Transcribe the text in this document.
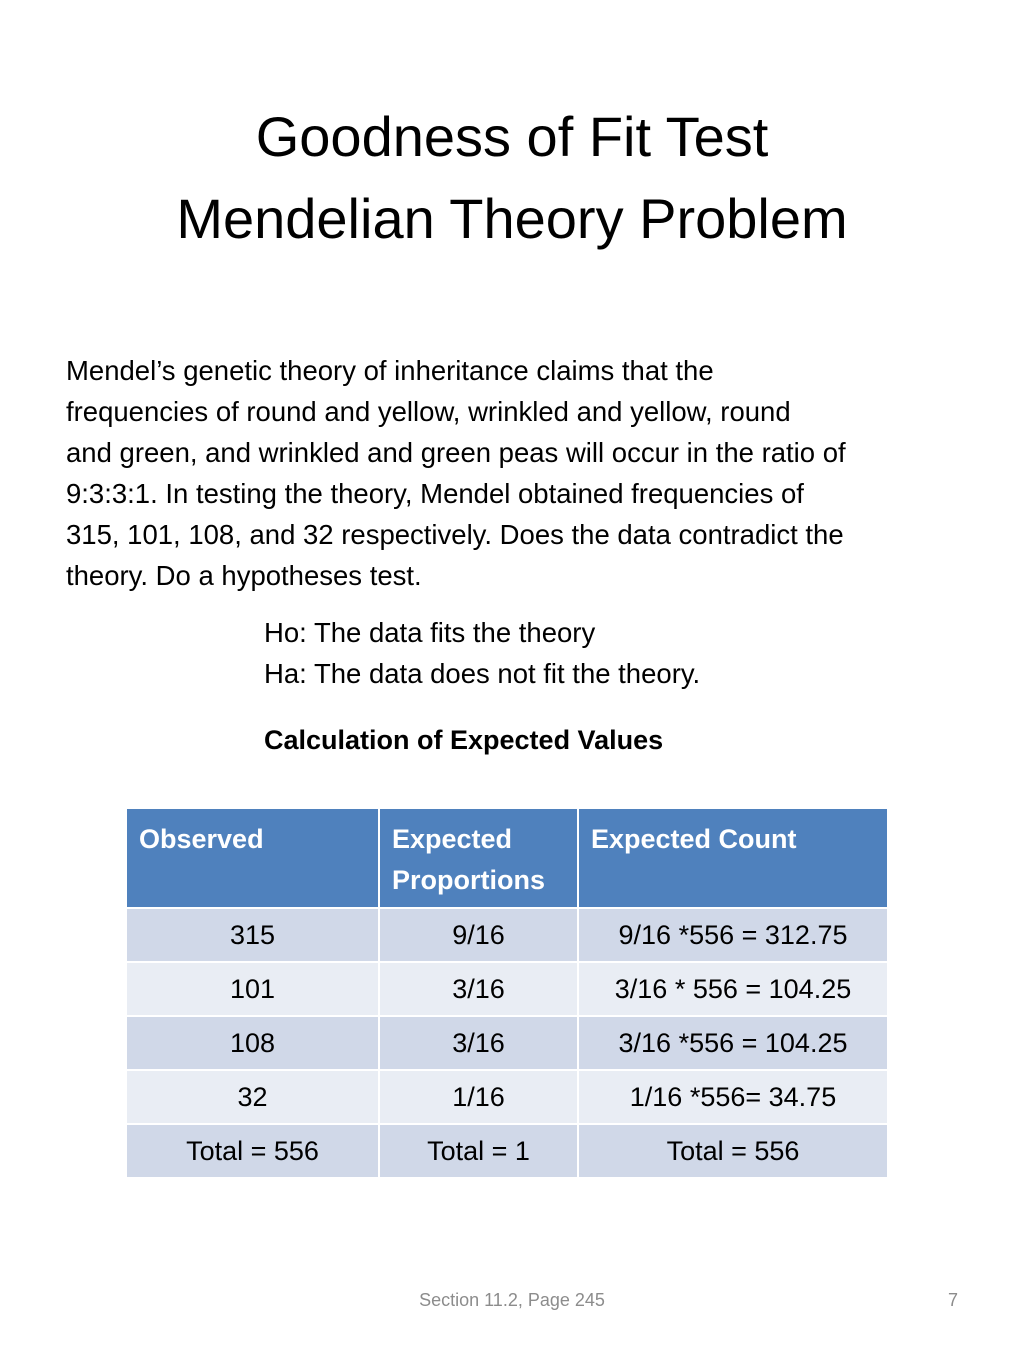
Goodness of Fit Test
Mendelian Theory Problem
Mendel’s genetic theory of inheritance claims that the
frequencies of round and yellow, wrinkled and yellow, round
and green, and wrinkled and green peas will occur in the ratio of
9:3:3:1. In testing the theory, Mendel obtained frequencies of
315, 101, 108, and 32 respectively. Does the data contradict the
theory. Do a hypotheses test.
Ho: The data fits the theory
Ha: The data does not fit the theory.
Calculation of Expected Values
Observed	Expected Proportions	Expected Count
315	9/16	9/16 *556 = 312.75
101	3/16	3/16 * 556 = 104.25
108	3/16	3/16 *556 = 104.25
32	1/16	1/16 *556= 34.75
Total = 556	Total = 1	Total = 556
Section 11.2, Page 245	7
